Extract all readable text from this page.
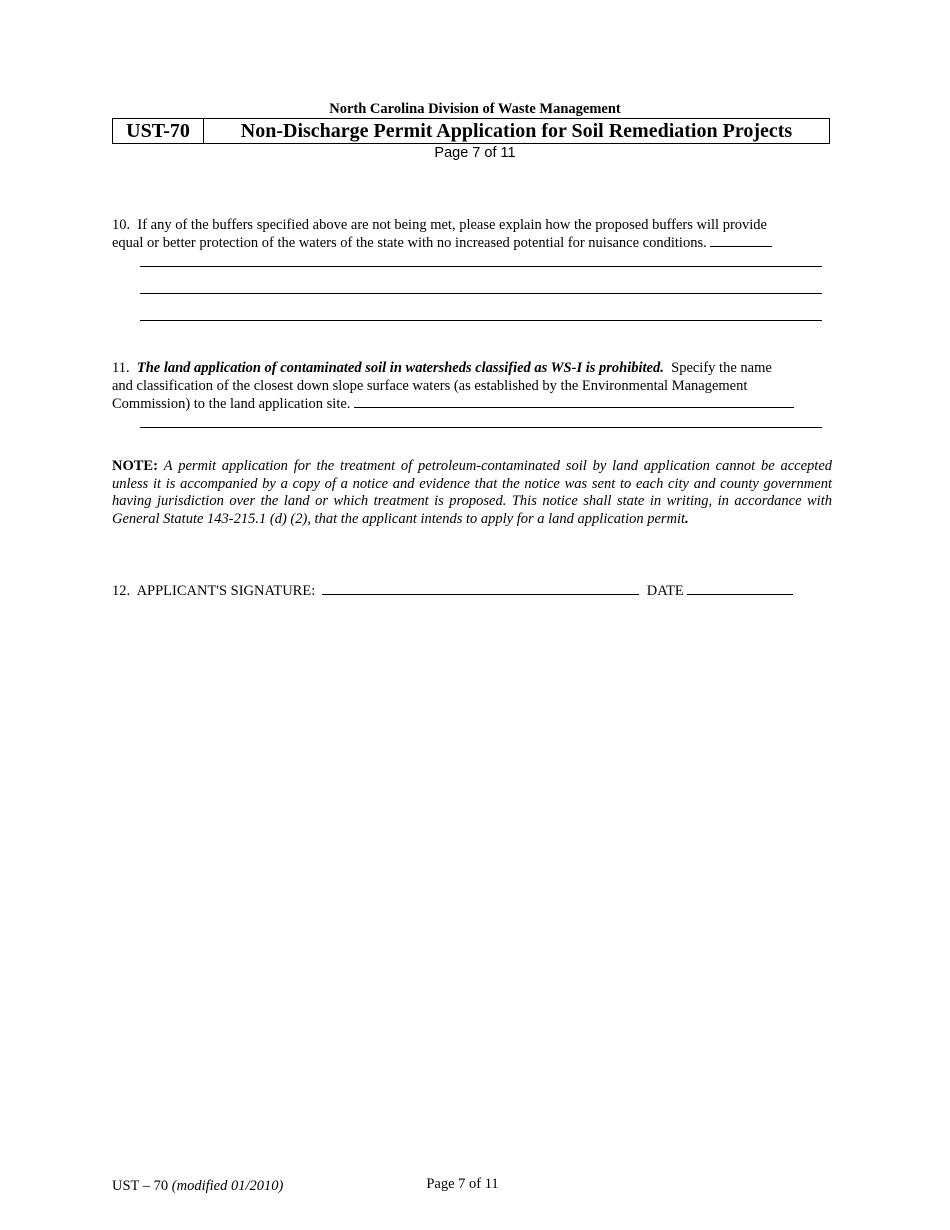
North Carolina Division of Waste Management
UST-70	Non-Discharge Permit Application for Soil Remediation Projects
Page 7 of 11
10. If any of the buffers specified above are not being met, please explain how the proposed buffers will provide
equal or better protection of the waters of the state with no increased potential for nuisance conditions.
11. The land application of contaminated soil in watersheds classified as WS-I is prohibited. Specify the name
and classification of the closest down slope surface waters (as established by the Environmental Management
Commission) to the land application site.
NOTE: A permit application for the treatment of petroleum-contaminated soil by land application cannot be accepted unless it is accompanied by a copy of a notice and evidence that the notice was sent to each city and county government having jurisdiction over the land or which treatment is proposed. This notice shall state in writing, in accordance with General Statute 143-215.1 (d) (2), that the applicant intends to apply for a land application permit.
12. APPLICANT'S SIGNATURE:	DATE
UST – 70 (modified 01/2010)	Page 7 of 11
